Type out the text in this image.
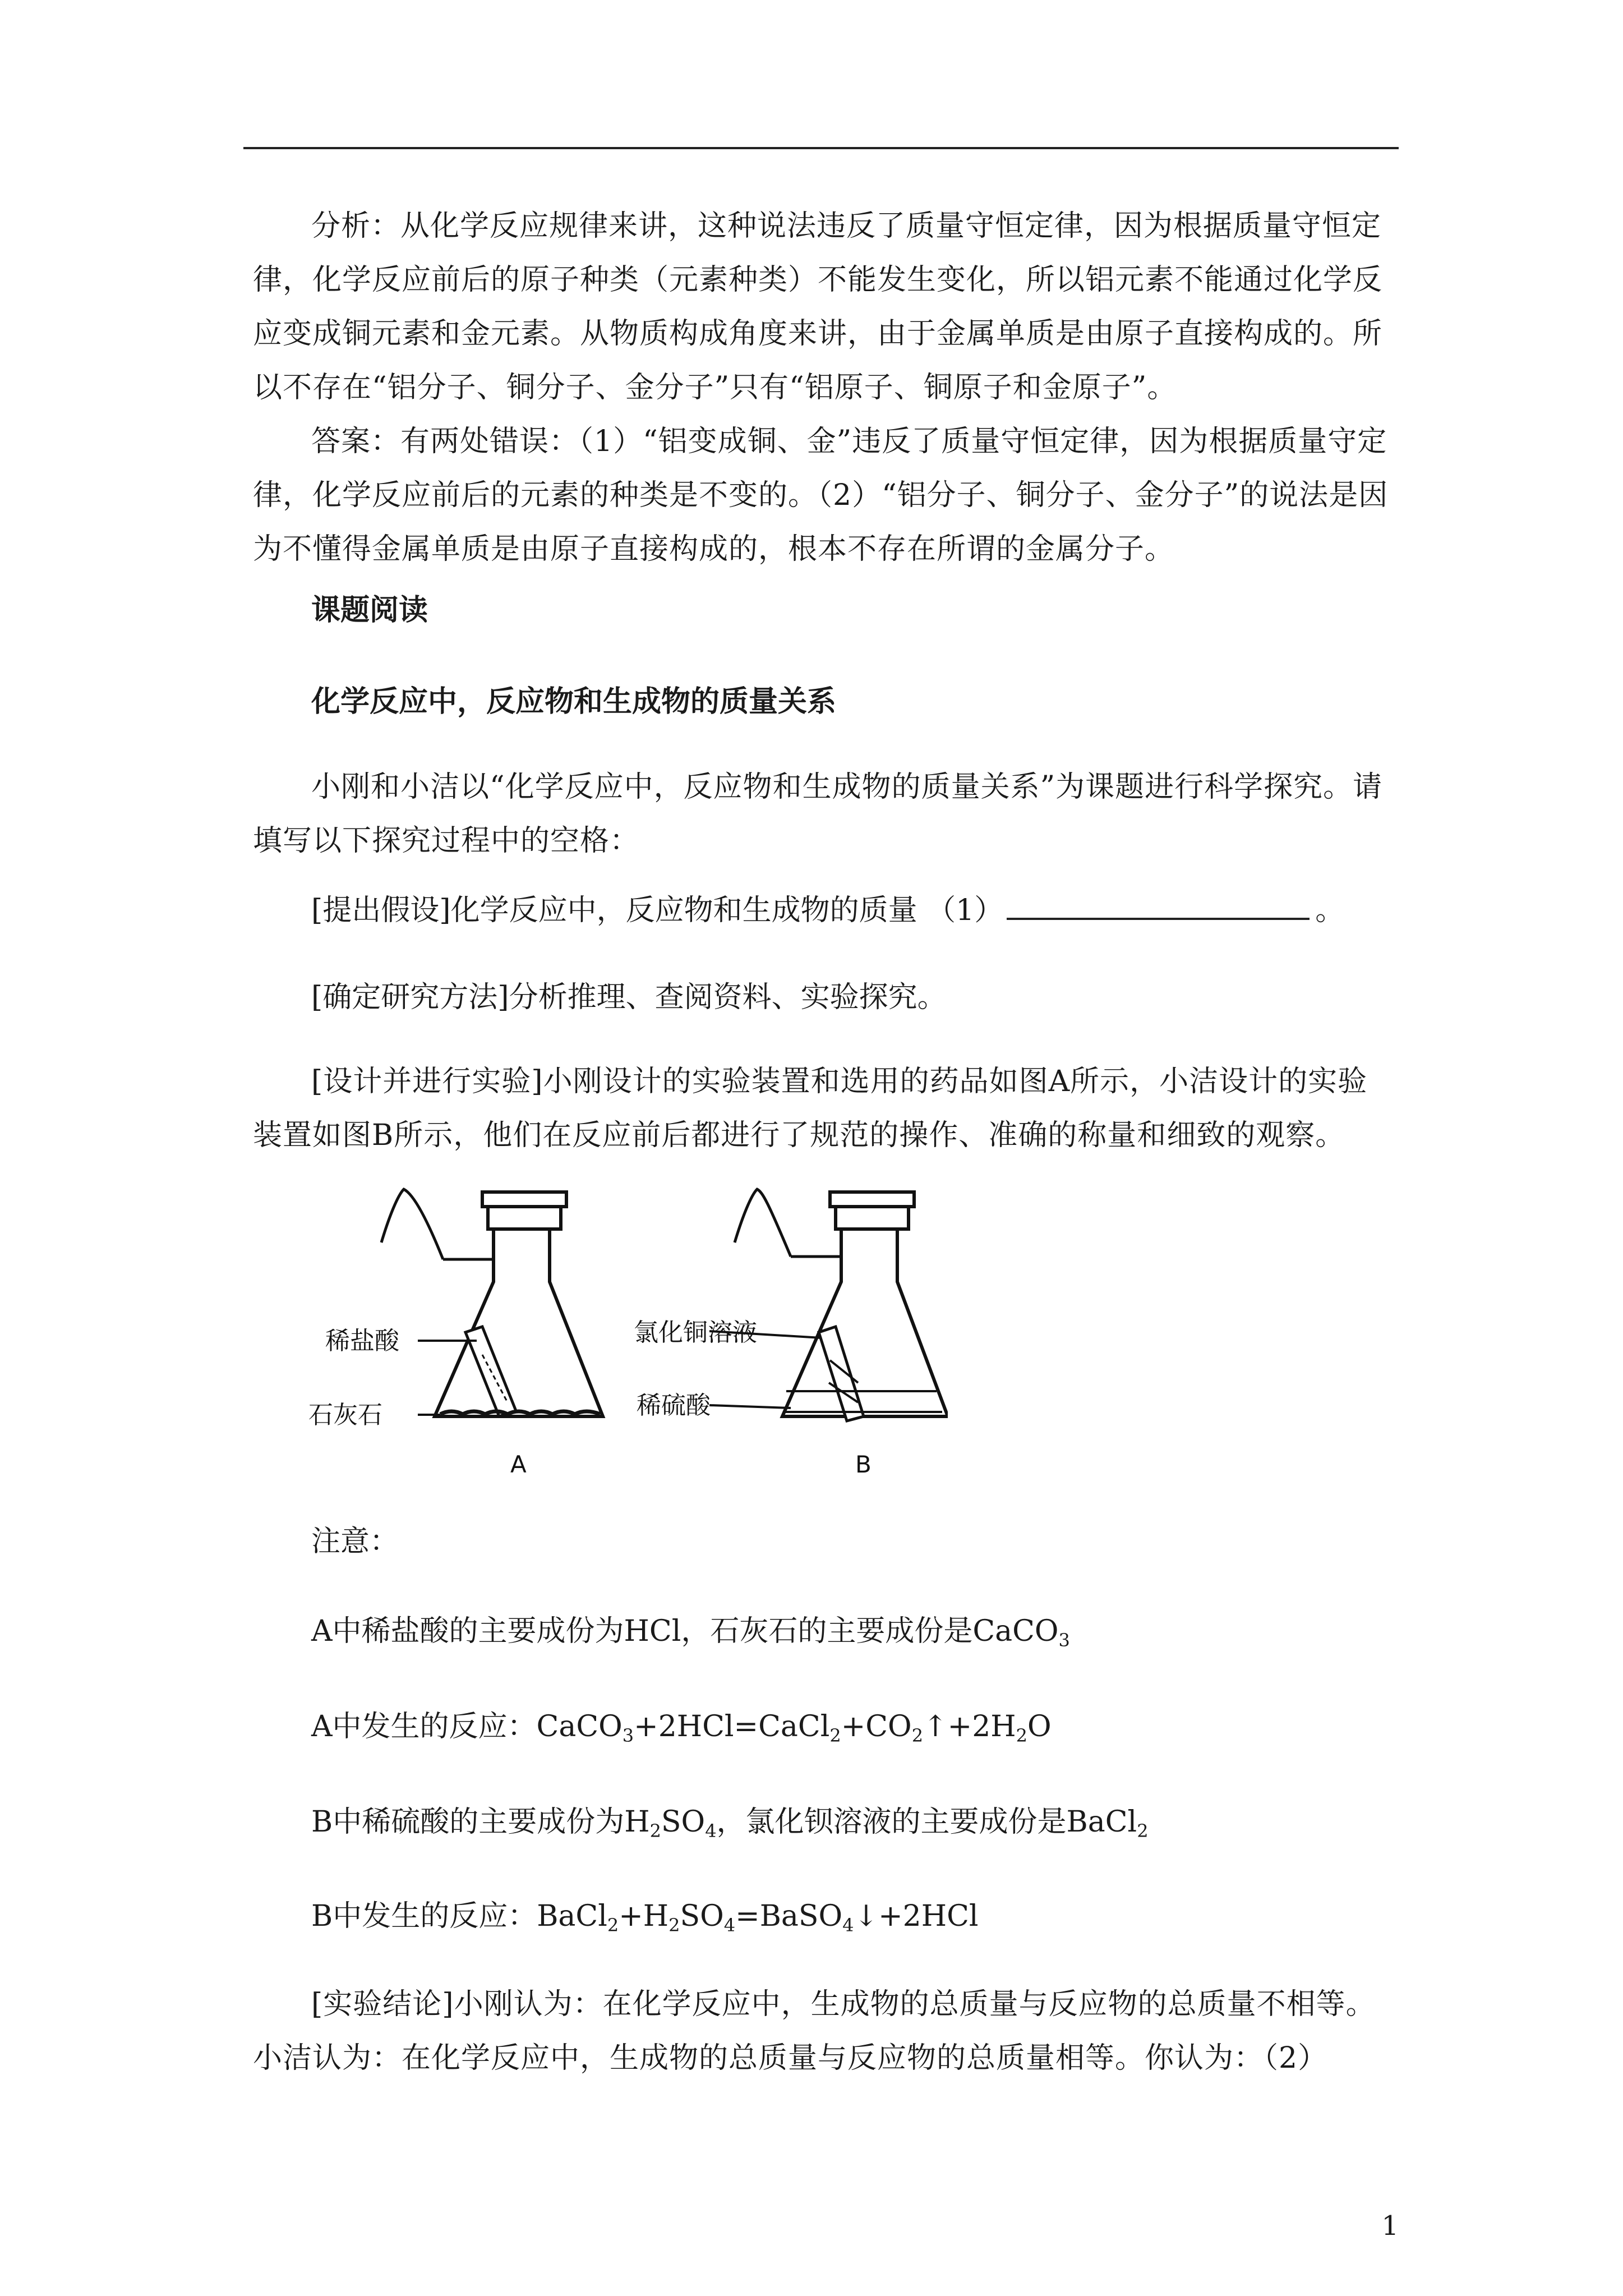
分析：从化学反应规律来讲，这种说法违反了质量守恒定律，因为根据质量守恒定律，化学反应前后的原子种类（元素种类）不能发生变化，所以铝元素不能通过化学反应变成铜元素和金元素。从物质构成角度来讲，由于金属单质是由原子直接构成的。所以不存在“铝分子、铜分子、金分子”只有“铝原子、铜原子和金原子”。

答案：有两处错误：（1）“铝变成铜、金”违反了质量守恒定律，因为根据质量守定律，化学反应前后的元素的种类是不变的。（2）“铝分子、铜分子、金分子”的说法是因为不懂得金属单质是由原子直接构成的，根本不存在所谓的金属分子。

课题阅读

化学反应中，反应物和生成物的质量关系

小刚和小洁以“化学反应中，反应物和生成物的质量关系”为课题进行科学探究。请填写以下探究过程中的空格：

[提出假设]化学反应中，反应物和生成物的质量 （1）	。

[确定研究方法]分析推理、查阅资料、实验探究。

[设计并进行实验]小刚设计的实验装置和选用的药品如图A所示，小洁设计的实验装置如图B所示，他们在反应前后都进行了规范的操作、准确的称量和细致的观察。

稀盐酸
石灰石
A
氯化铜溶液
稀硫酸
B

注意：

A中稀盐酸的主要成份为HCl，石灰石的主要成份是CaCO$_3$

A中发生的反应：$CaCO_3+2HCl=CaCl_2+CO_2↑+2H_2O$

B中稀硫酸的主要成份为$H_2SO_4$，氯化钡溶液的主要成份是BaCl$_2$

B中发生的反应：$BaCl_2+H_2SO_4=BaSO_4↓+2HCl$

[实验结论]小刚认为：在化学反应中，生成物的总质量与反应物的总质量不相等。小洁认为：在化学反应中，生成物的总质量与反应物的总质量相等。你认为：（2）

1
